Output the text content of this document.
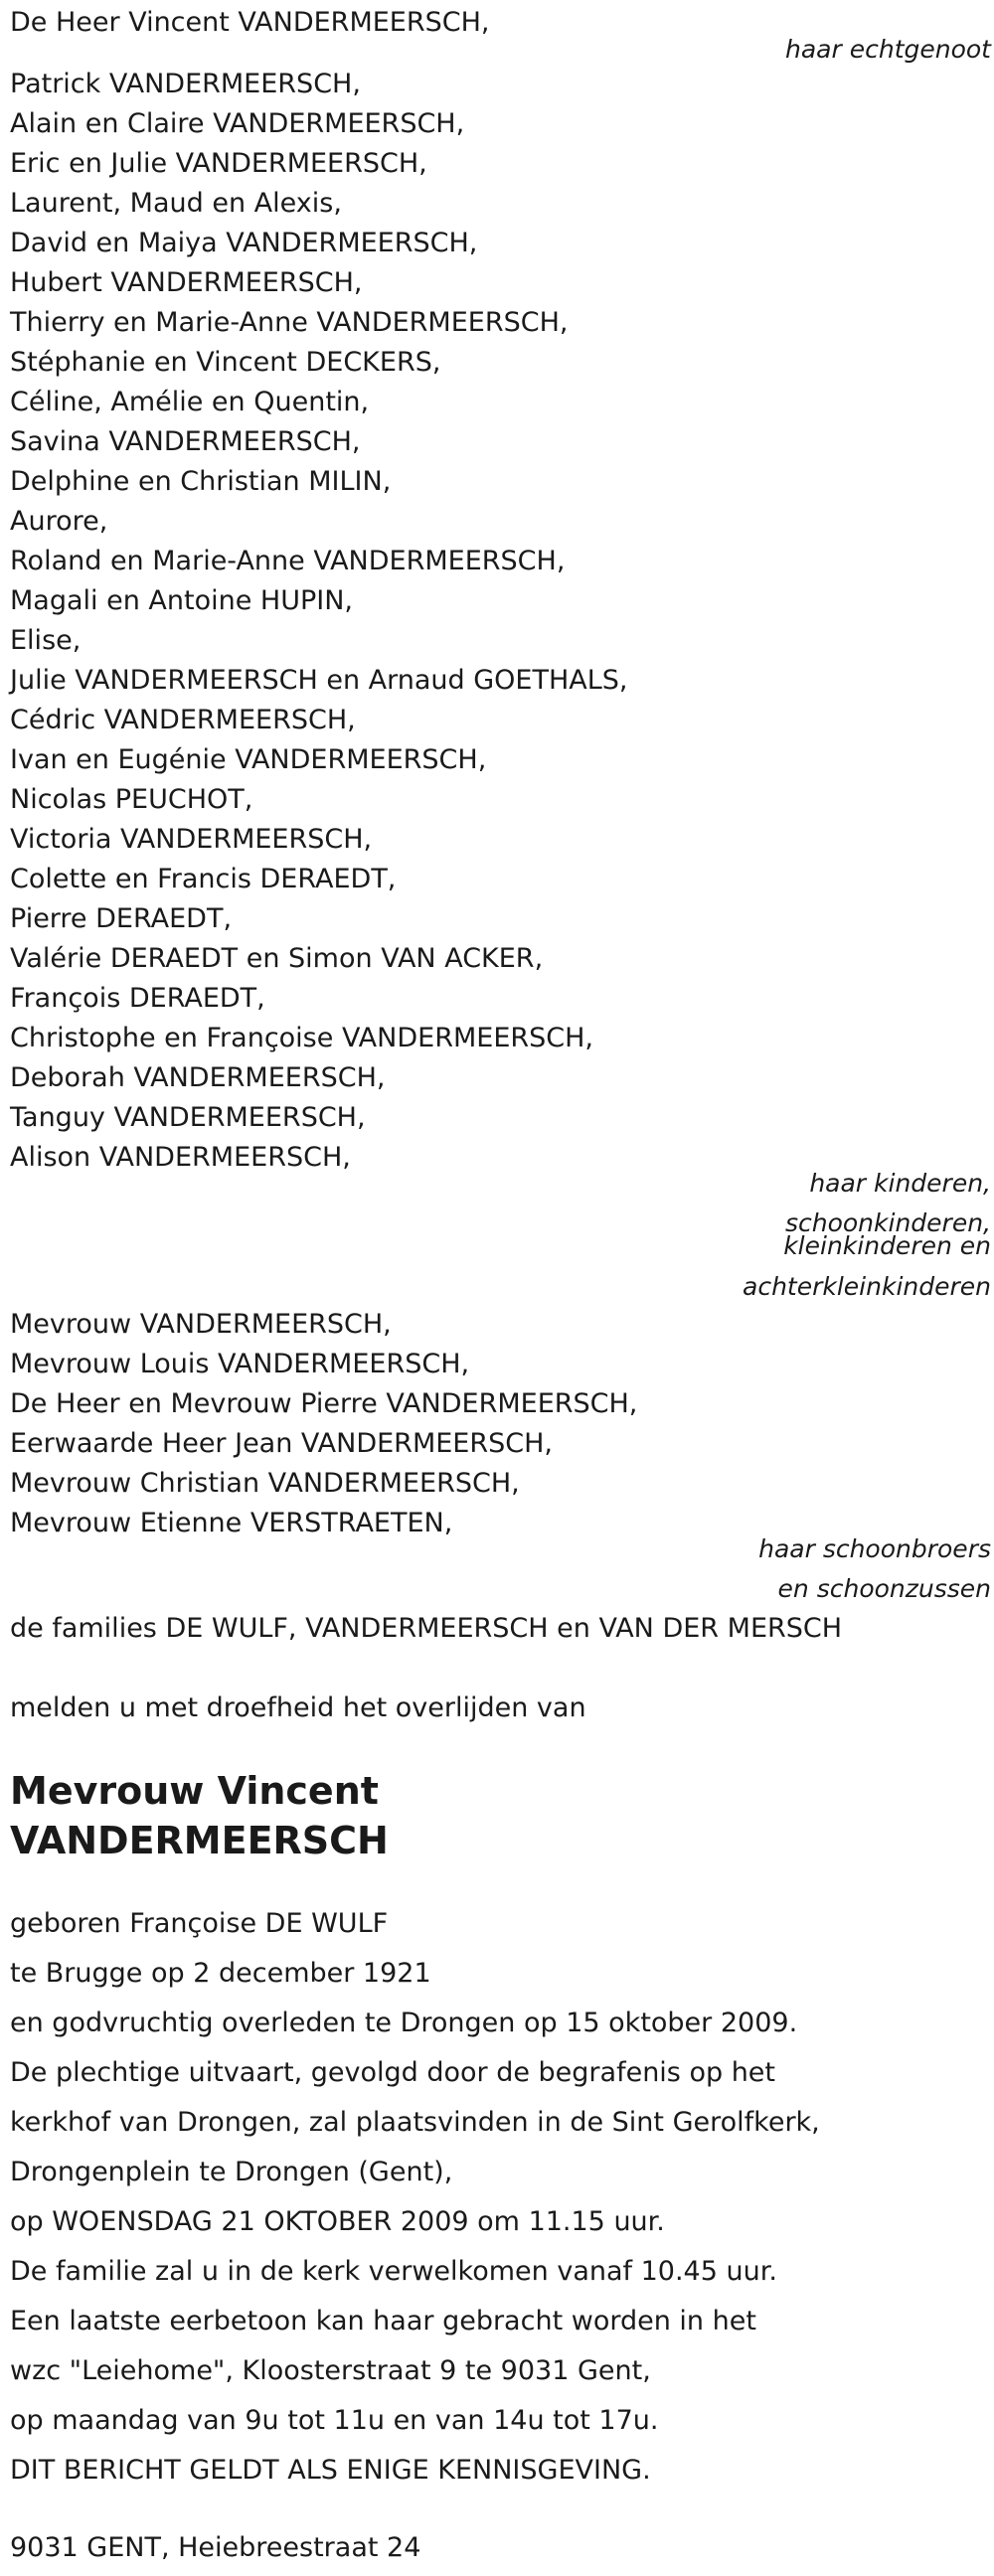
De Heer Vincent VANDERMEERSCH,
haar echtgenoot
Patrick VANDERMEERSCH,
Alain en Claire VANDERMEERSCH,
Eric en Julie VANDERMEERSCH,
Laurent, Maud en Alexis,
David en Maiya VANDERMEERSCH,
Hubert VANDERMEERSCH,
Thierry en Marie-Anne VANDERMEERSCH,
Stéphanie en Vincent DECKERS,
Céline, Amélie en Quentin,
Savina VANDERMEERSCH,
Delphine en Christian MILIN,
Aurore,
Roland en Marie-Anne VANDERMEERSCH,
Magali en Antoine HUPIN,
Elise,
Julie VANDERMEERSCH en Arnaud GOETHALS,
Cédric VANDERMEERSCH,
Ivan en Eugénie VANDERMEERSCH,
Nicolas PEUCHOT,
Victoria VANDERMEERSCH,
Colette en Francis DERAEDT,
Pierre DERAEDT,
Valérie DERAEDT en Simon VAN ACKER,
François DERAEDT,
Christophe en Françoise VANDERMEERSCH,
Deborah VANDERMEERSCH,
Tanguy VANDERMEERSCH,
Alison VANDERMEERSCH,
haar kinderen,
schoonkinderen,
kleinkinderen en
achterkleinkinderen
Mevrouw VANDERMEERSCH,
Mevrouw Louis VANDERMEERSCH,
De Heer en Mevrouw Pierre VANDERMEERSCH,
Eerwaarde Heer Jean VANDERMEERSCH,
Mevrouw Christian VANDERMEERSCH,
Mevrouw Etienne VERSTRAETEN,
haar schoonbroers
en schoonzussen
de families DE WULF, VANDERMEERSCH en VAN DER MERSCH
melden u met droefheid het overlijden van
Mevrouw Vincent
VANDERMEERSCH
geboren Françoise DE WULF
te Brugge op 2 december 1921
en godvruchtig overleden te Drongen op 15 oktober 2009.
De plechtige uitvaart, gevolgd door de begrafenis op het
kerkhof van Drongen, zal plaatsvinden in de Sint Gerolfkerk,
Drongenplein te Drongen (Gent),
op WOENSDAG 21 OKTOBER 2009 om 11.15 uur.
De familie zal u in de kerk verwelkomen vanaf 10.45 uur.
Een laatste eerbetoon kan haar gebracht worden in het
wzc "Leiehome", Kloosterstraat 9 te 9031 Gent,
op maandag van 9u tot 11u en van 14u tot 17u.
DIT BERICHT GELDT ALS ENIGE KENNISGEVING.
9031 GENT, Heiebreestraat 24
